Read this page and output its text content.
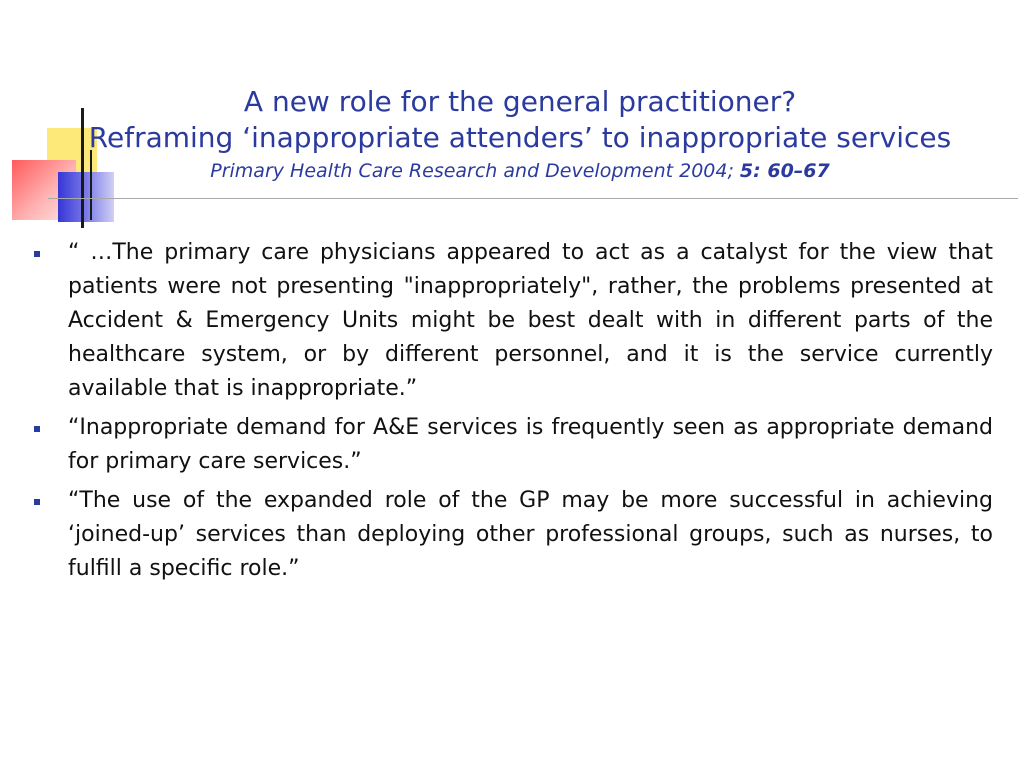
A new role for the general practitioner?
Reframing ‘inappropriate attenders’ to inappropriate services
Primary Health Care Research and Development 2004; 5: 60–67
“ …The primary care physicians appeared to act as a catalyst for the view that patients were not presenting "inappropriately", rather, the problems presented at Accident & Emergency Units might be best dealt with in different parts of the healthcare system, or by different personnel, and it is the service currently available that is inappropriate.”
“Inappropriate demand for A&E services is frequently seen as appropriate demand for primary care services.”
“The use of the expanded role of the GP may be more successful in achieving ‘joined-up’ services than deploying other professional groups, such as nurses, to fulfill a specific role.”
